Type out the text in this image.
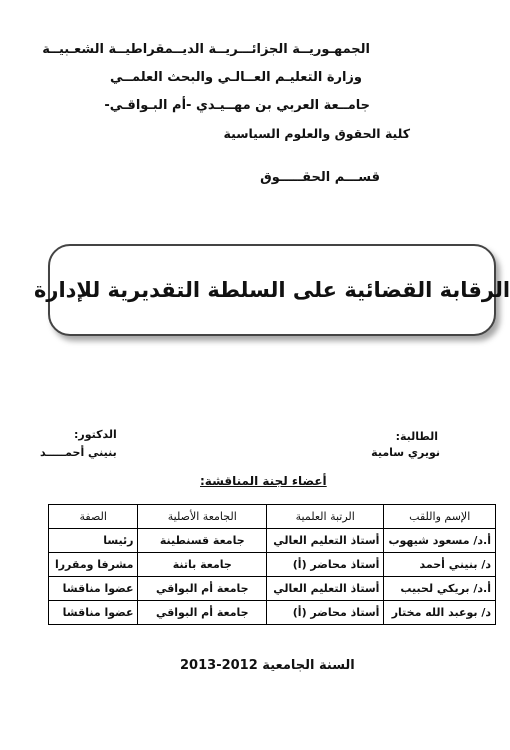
الجمهـوريــة الجزائـــريــة الديــمقراطيــة الشعـبيــة
وزارة التعليـم العــالـي والبحث العلمــي
جامــعة العربي بن مهــيـدي -أم البـواقـي-
كلية الحقوق والعلوم السياسية
قســـم الحقـــــوق
الرقابة القضائية على السلطة التقديرية للإدارة
الطالبة:
نويري سامية
الدكتور:
بنيني أحمـــــد
أعضاء لجنة المناقشة:
الإسم واللقب	الرتبة العلمية	الجامعة الأصلية	الصفة
أ.د/ مسعود شيهوب	أستاذ التعليم العالي	جامعة قسنطينة	رئيسا
د/ بنيني أحمد	أستاذ محاضر (أ)	جامعة باتنة	مشرفا ومقررا
أ.د/ بريكي لحبيب	أستاذ التعليم العالي	جامعة أم البواقي	عضوا مناقشا
د/ بوعبد الله مختار	أستاذ محاضر (أ)	جامعة أم البواقي	عضوا مناقشا
السنة الجامعية 2012-2013
